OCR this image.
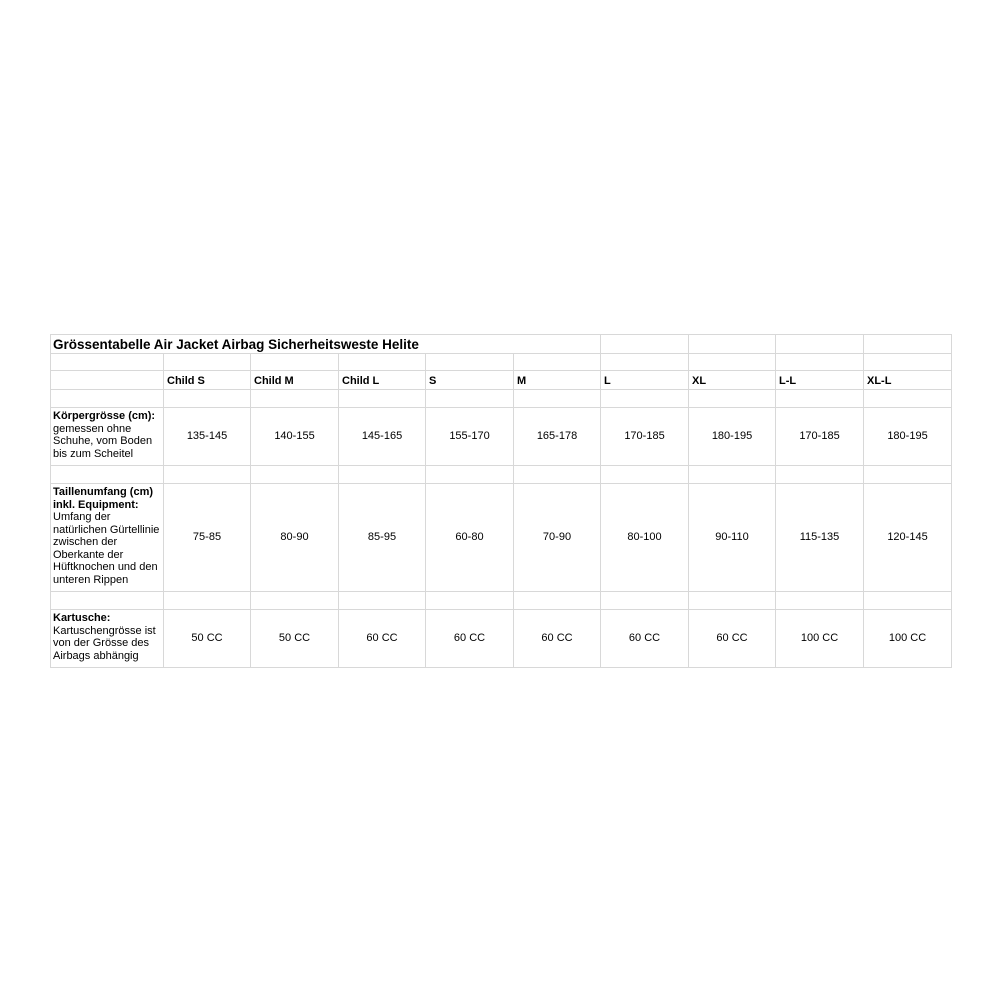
Grössentabelle Air Jacket Airbag Sicherheitsweste Helite
Child S	Child M	Child L	S	M	L	XL	L-L	XL-L
Körpergrösse (cm):
gemessen ohne Schuhe, vom Boden bis zum Scheitel
135-145	140-155	145-165	155-170	165-178	170-185	180-195	170-185	180-195
Taillenumfang (cm) inkl. Equipment:
Umfang der natürlichen Gürtellinie zwischen der Oberkante der Hüftknochen und den unteren Rippen
75-85	80-90	85-95	60-80	70-90	80-100	90-110	115-135	120-145
Kartusche:
Kartuschengrösse ist von der Grösse des Airbags abhängig
50 CC	50 CC	60 CC	60 CC	60 CC	60 CC	60 CC	100 CC	100 CC
